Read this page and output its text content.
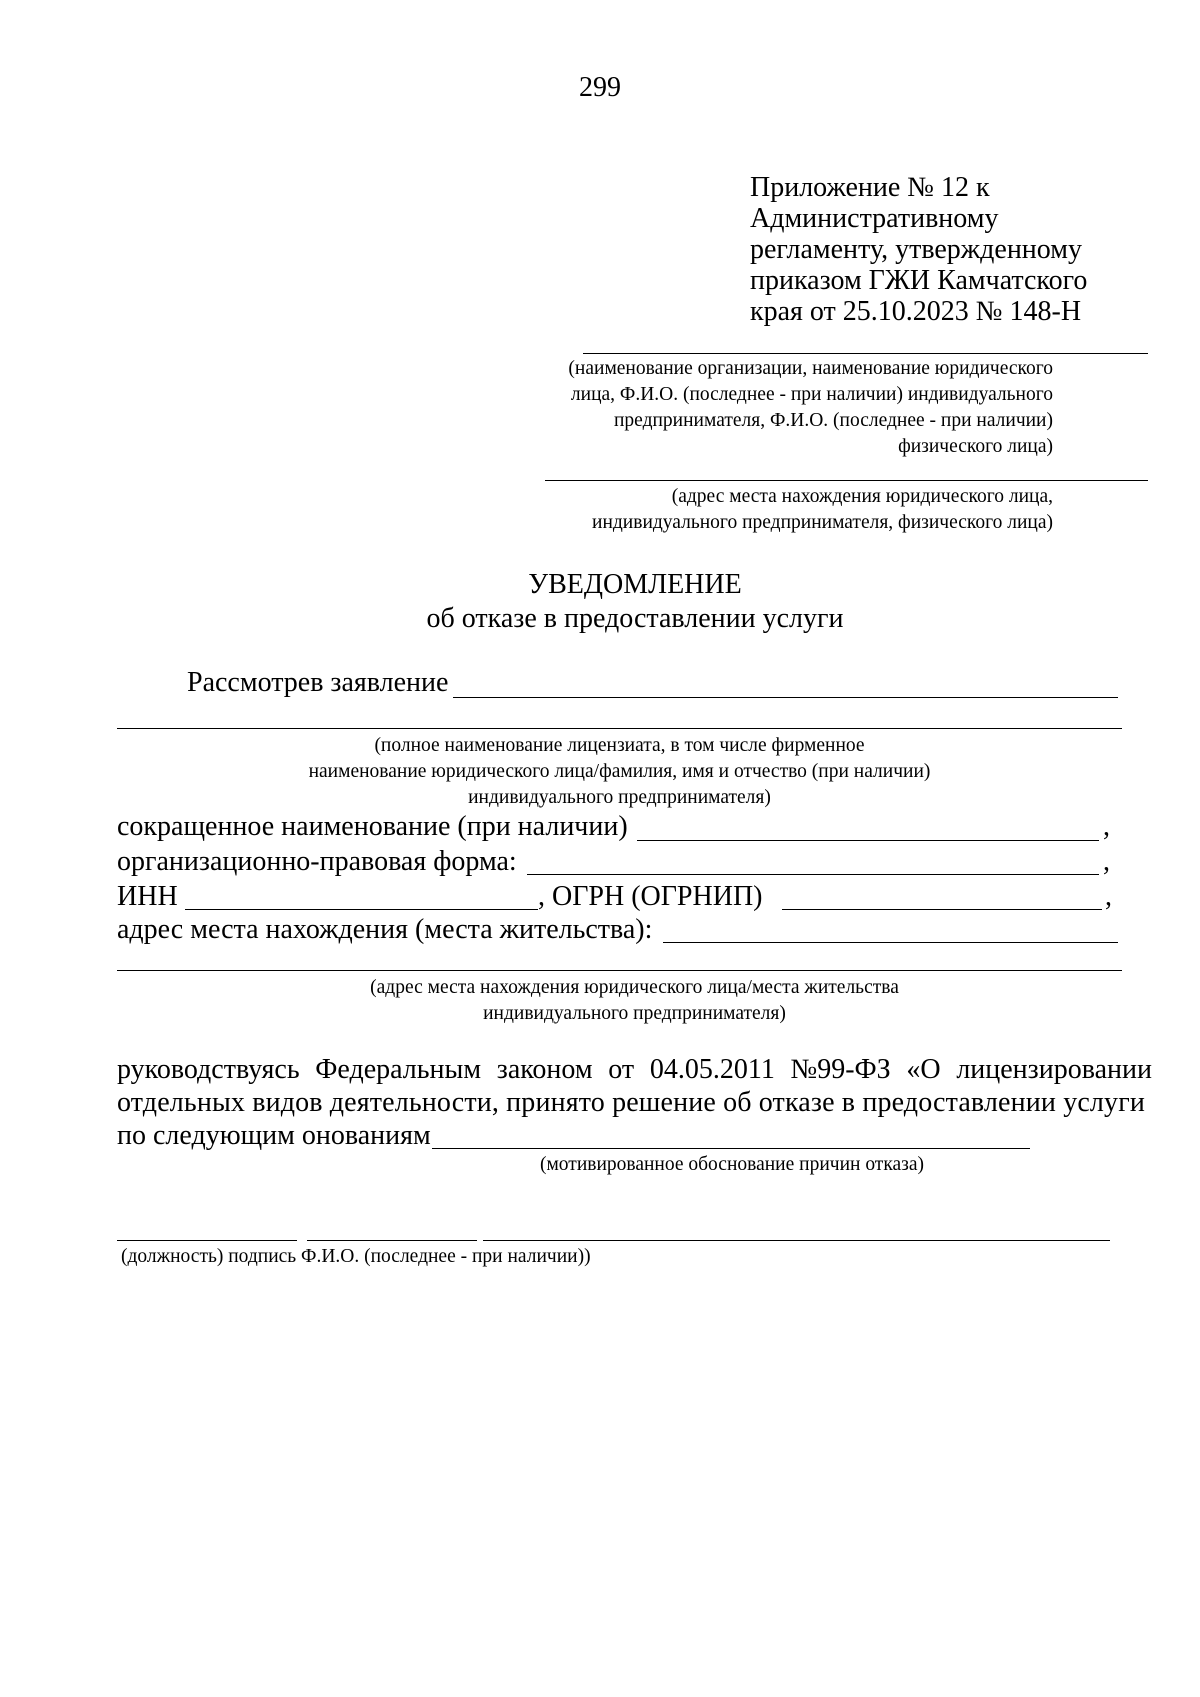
299
Приложение № 12 к
Административному
регламенту, утвержденному
приказом ГЖИ Камчатского
края от 25.10.2023 № 148-Н
(наименование организации, наименование юридического
лица, Ф.И.О. (последнее - при наличии) индивидуального
предпринимателя, Ф.И.О. (последнее - при наличии)
физического лица)
(адрес места нахождения юридического лица,
индивидуального предпринимателя, физического лица)
УВЕДОМЛЕНИЕ
об отказе в предоставлении услуги
Рассмотрев заявление
(полное наименование лицензиата, в том числе фирменное
наименование юридического лица/фамилия, имя и отчество (при наличии)
индивидуального предпринимателя)
сокращенное наименование (при наличии)	,
организационно-правовая форма:	,
ИНН	, ОГРН (ОГРНИП)	,
адрес места нахождения (места жительства):
(адрес места нахождения юридического лица/места жительства
индивидуального предпринимателя)
руководствуясь Федеральным законом от 04.05.2011 №99-ФЗ «О лицензировании
отдельных видов деятельности, принято решение об отказе в предоставлении услуги
по следующим онованиям
(мотивированное обоснование причин отказа)
(должность) подпись Ф.И.О. (последнее - при наличии))
